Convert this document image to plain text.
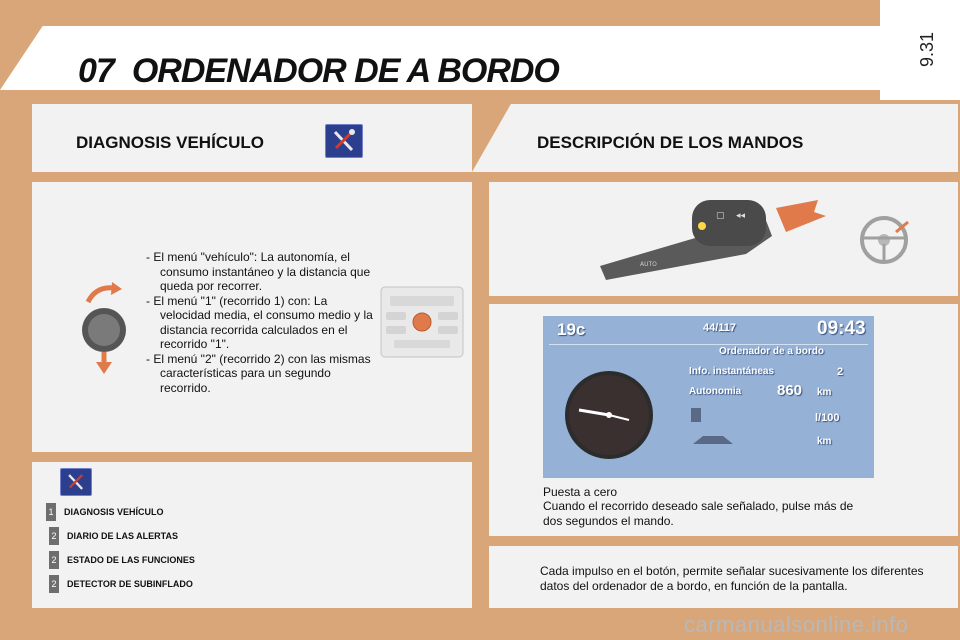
07 ORDENADOR DE A BORDO
9.31
DIAGNOSIS VEHÍCULO
- El menú "vehículo": La autonomía, el consumo instantáneo y la distancia que queda por recorrer.
- El menú "1" (recorrido 1) con: La velocidad media, el consumo medio y la distancia recorrida calculados en el recorrido "1".
- El menú "2" (recorrido 2) con las mismas características para un segundo recorrido.
1 DIAGNOSIS VEHÍCULO
2 DIARIO DE LAS ALERTAS
2 ESTADO DE LAS FUNCIONES
2 DETECTOR DE SUBINFLADO
DESCRIPCIÓN DE LOS MANDOS
▢ ◂◂
AUTO
19c	44/117	09:43
Ordenador de a bordo
Info. instantáneas	2
Autonomia 860 km
l/100
km
Puesta a cero
Cuando el recorrido deseado sale señalado, pulse más de dos segundos el mando.
Cada impulso en el botón, permite señalar sucesivamente los diferentes datos del ordenador de a bordo, en función de la pantalla.
carmanualsonline.info
